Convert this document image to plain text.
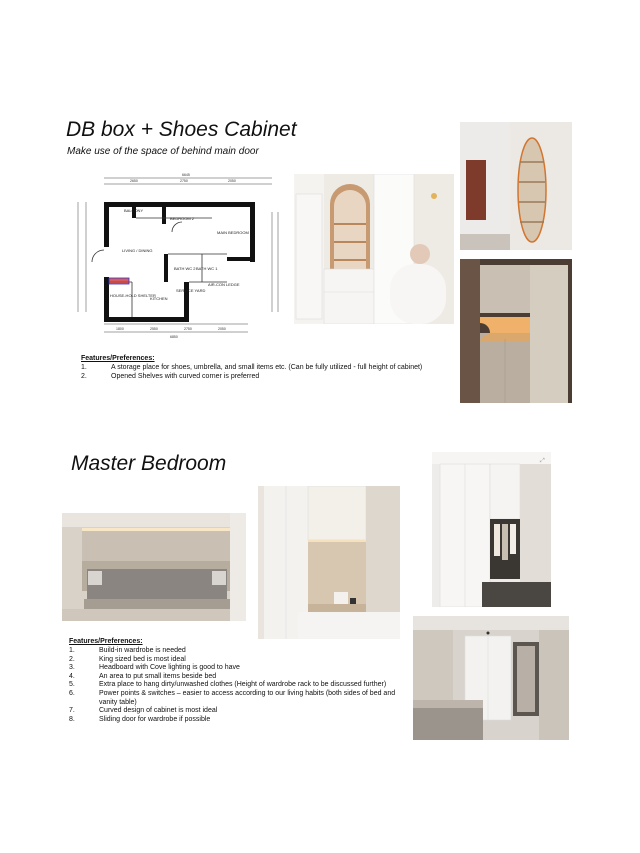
DB box + Shoes Cabinet
Make use of the space of behind main door
BALCONY
BEDROOM 2
MAIN BEDROOM
LIVING / DINING
BATH WC 2 BATH WC 1
SERVICE YARD
AIR-CON LEDGE
HOUSE-HOLD SHELTER
KITCHEN
6645
2650	2750	2050
1800	2550	2750	2050
6850
Features/Preferences:
1.	A storage place for shoes, umbrella, and small items etc. (Can be fully utilized - full height of cabinet)
2.	Opened Shelves with curved corner is preferred
Master Bedroom	⤢
Features/Preferences:
1.	Build-in wardrobe is needed
2.	King sized bed is most ideal
3.	Headboard with Cove lighting is good to have
4.	An area to put small items beside bed
5.	Extra place to hang dirty/unwashed clothes (Height of wardrobe rack to be discussed further)
6.	Power points & switches – easier to access according to our living habits (both sides of bed and vanity table)
7.	Curved design of cabinet is most ideal
8.	Sliding door for wardrobe if possible
